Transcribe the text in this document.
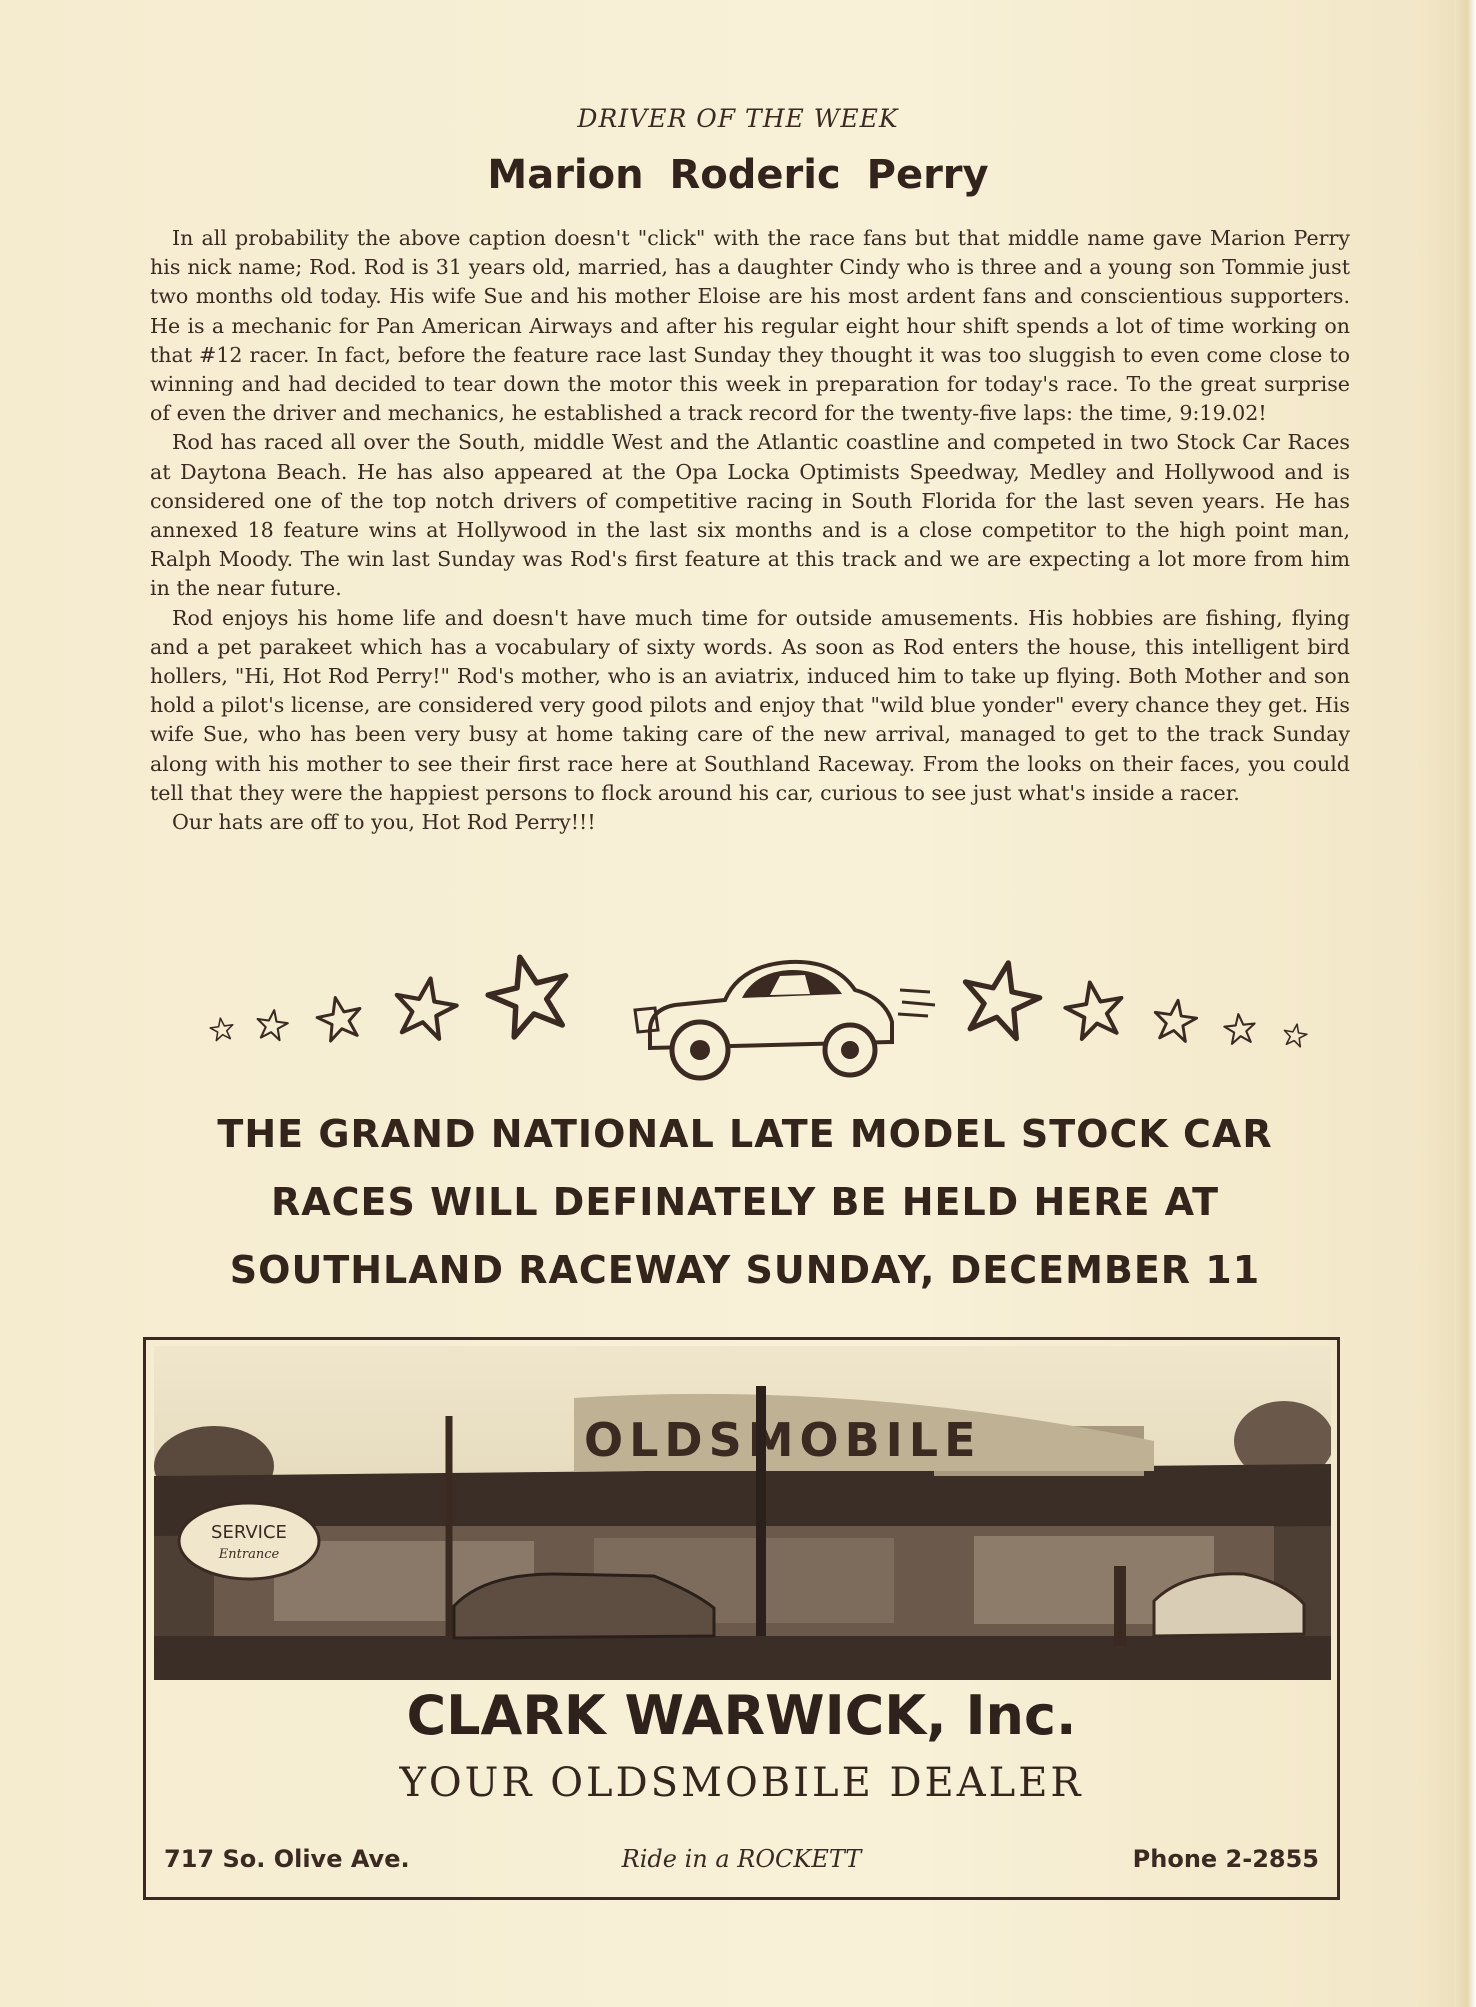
DRIVER OF THE WEEK
Marion Roderic Perry

In all probability the above caption doesn't "click" with the race fans but that middle name gave Marion Perry his nick name; Rod. Rod is 31 years old, married, has a daughter Cindy who is three and a young son Tommie just two months old today. His wife Sue and his mother Eloise are his most ardent fans and conscientious supporters. He is a mechanic for Pan American Airways and after his regular eight hour shift spends a lot of time working on that #12 racer. In fact, before the feature race last Sunday they thought it was too sluggish to even come close to winning and had decided to tear down the motor this week in preparation for today's race. To the great surprise of even the driver and mechanics, he established a track record for the twenty-five laps: the time, 9:19.02!

Rod has raced all over the South, middle West and the Atlantic coastline and competed in two Stock Car Races at Daytona Beach. He has also appeared at the Opa Locka Optimists Speedway, Medley and Hollywood and is considered one of the top notch drivers of competitive racing in South Florida for the last seven years. He has annexed 18 feature wins at Hollywood in the last six months and is a close competitor to the high point man, Ralph Moody. The win last Sunday was Rod's first feature at this track and we are expecting a lot more from him in the near future.

Rod enjoys his home life and doesn't have much time for outside amusements. His hobbies are fishing, flying and a pet parakeet which has a vocabulary of sixty words. As soon as Rod enters the house, this intelligent bird hollers, "Hi, Hot Rod Perry!" Rod's mother, who is an aviatrix, induced him to take up flying. Both Mother and son hold a pilot's license, are considered very good pilots and enjoy that "wild blue yonder" every chance they get. His wife Sue, who has been very busy at home taking care of the new arrival, managed to get to the track Sunday along with his mother to see their first race here at Southland Raceway. From the looks on their faces, you could tell that they were the happiest persons to flock around his car, curious to see just what's inside a racer.

Our hats are off to you, Hot Rod Perry!!!

THE GRAND NATIONAL LATE MODEL STOCK CAR
RACES WILL DEFINATELY BE HELD HERE AT
SOUTHLAND RACEWAY SUNDAY, DECEMBER 11
OLDSMOBILE
SERVICE
Entrance
CLARK WARWICK, Inc.
YOUR OLDSMOBILE DEALER
Ride in a ROCKETT
717 So. Olive Ave.	Phone 2-2855
